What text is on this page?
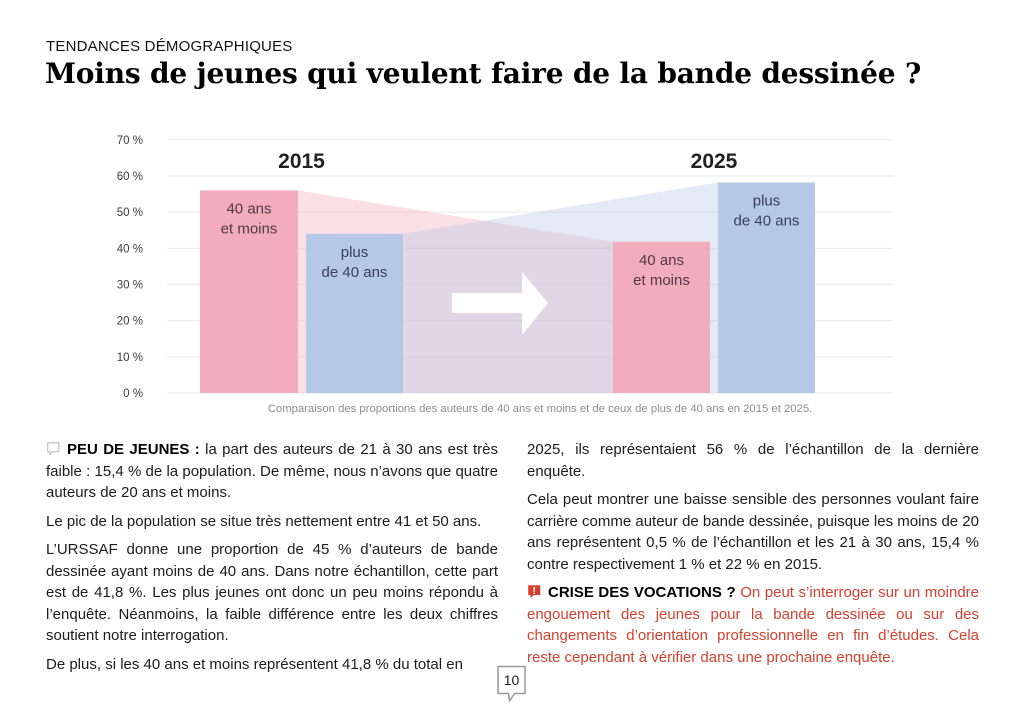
TENDANCES DÉMOGRAPHIQUES
Moins de jeunes qui veulent faire de la bande dessinée ?
70 %
60 %
50 %
40 %
30 %
20 %
10 %
0 %
40 ans
et moins
plus
de 40 ans
2015
40 ans
et moins
plus
de 40 ans
2025
Comparaison des proportions des auteurs de 40 ans et moins et de ceux de plus de 40 ans en 2015 et 2025.

PEU DE JEUNES : la part des auteurs de 21 à 30 ans est très faible : 15,4 % de la population. De même, nous n’avons que quatre auteurs de 20 ans et moins.

Le pic de la population se situe très nettement entre 41 et 50 ans.

L’URSSAF donne une proportion de 45 % d’auteurs de bande dessinée ayant moins de 40 ans. Dans notre échantillon, cette part est de 41,8 %. Les plus jeunes ont donc un peu moins répondu à l’enquête. Néanmoins, la faible différence entre les deux chiffres soutient notre interrogation.

De plus, si les 40 ans et moins représentent 41,8 % du total en

2025, ils représentaient 56 % de l’échantillon de la dernière enquête.

Cela peut montrer une baisse sensible des personnes voulant faire carrière comme auteur de bande dessinée, puisque les moins de 20 ans représentent 0,5 % de l’échantillon et les 21 à 30 ans, 15,4 % contre respectivement 1 % et 22 % en 2015.

! CRISE DES VOCATIONS ? On peut s’interroger sur un moindre engouement des jeunes pour la bande dessinée ou sur des changements d’orientation professionnelle en fin d’études. Cela reste cependant à vérifier dans une prochaine enquête.

10
